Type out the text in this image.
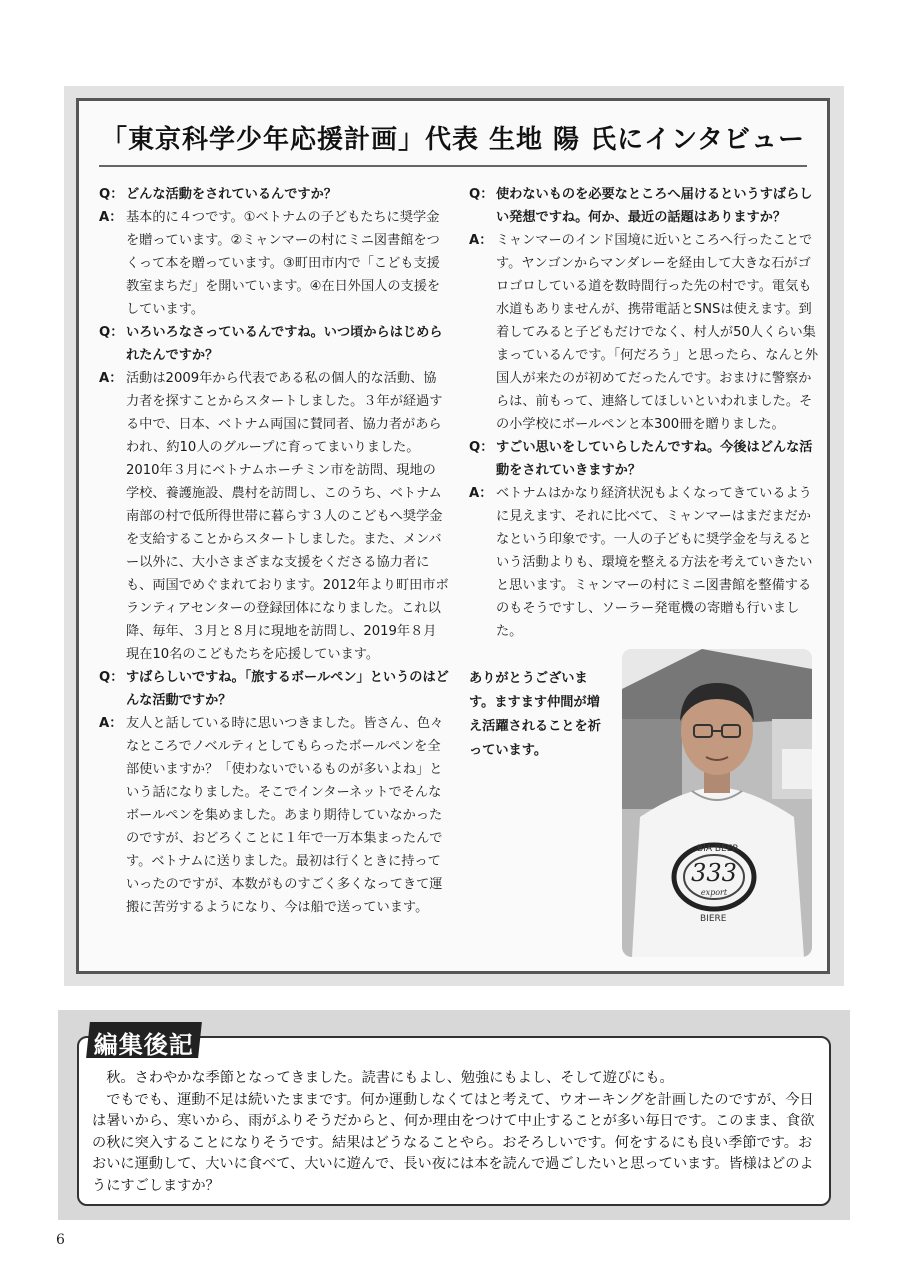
「東京科学少年応援計画」代表 生地 陽 氏にインタビュー
Q： どんな活動をされているんですか？
A： 基本的に４つです。①ベトナムの子どもたちに奨学金を贈っています。②ミャンマーの村にミニ図書館をつくって本を贈っています。③町田市内で「こども支援教室まちだ」を開いています。④在日外国人の支援をしています。
Q： いろいろなさっているんですね。いつ頃からはじめられたんですか？
A： 活動は2009年から代表である私の個人的な活動、協力者を探すことからスタートしました。３年が経過する中で、日本、ベトナム両国に賛同者、協力者があらわれ、約10人のグループに育ってまいりました。2010年３月にベトナムホーチミン市を訪問、現地の学校、養護施設、農村を訪問し、このうち、ベトナム南部の村で低所得世帯に暮らす３人のこどもへ奨学金を支給することからスタートしました。また、メンバー以外に、大小さまざまな支援をくださる協力者にも、両国でめぐまれております。2012年より町田市ボランティアセンターの登録団体になりました。これ以降、毎年、３月と８月に現地を訪問し、2019年８月現在10名のこどもたちを応援しています。
Q： すばらしいですね。「旅するボールペン」というのはどんな活動ですか？
A： 友人と話している時に思いつきました。皆さん、色々なところでノベルティとしてもらったボールペンを全部使いますか？「使わないでいるものが多いよね」という話になりました。そこでインターネットでそんなボールペンを集めました。あまり期待していなかったのですが、おどろくことに１年で一万本集まったんです。ベトナムに送りました。最初は行くときに持っていったのですが、本数がものすごく多くなってきて運搬に苦労するようになり、今は船で送っています。
Q： 使わないものを必要なところへ届けるというすばらしい発想ですね。何か、最近の話題はありますか？
A： ミャンマーのインド国境に近いところへ行ったことです。ヤンゴンからマンダレーを経由して大きな石がゴロゴロしている道を数時間行った先の村です。電気も水道もありませんが、携帯電話とSNSは使えます。到着してみると子どもだけでなく、村人が50人くらい集まっているんです。「何だろう」と思ったら、なんと外国人が来たのが初めてだったんです。おまけに警察からは、前もって、連絡してほしいといわれました。その小学校にボールペンと本300冊を贈りました。
Q： すごい思いをしていらしたんですね。今後はどんな活動をされていきますか？
A： ベトナムはかなり経済状況もよくなってきているように見えます、それに比べて、ミャンマーはまだまだかなという印象です。一人の子どもに奨学金を与えるという活動よりも、環境を整える方法を考えていきたいと思います。ミャンマーの村にミニ図書館を整備するのもそうですし、ソーラー発電機の寄贈も行いました。
ありがとうございます。ますます仲間が増え活躍されることを祈っています。
BIA BEER
333
export
BIERE
編集後記

秋。さわやかな季節となってきました。読書にもよし、勉強にもよし、そして遊びにも。

でもでも、運動不足は続いたままです。何か運動しなくてはと考えて、ウオーキングを計画したのですが、今日は暑いから、寒いから、雨がふりそうだからと、何か理由をつけて中止することが多い毎日です。このまま、食欲の秋に突入することになりそうです。結果はどうなることやら。おそろしいです。何をするにも良い季節です。おおいに運動して、大いに食べて、大いに遊んで、長い夜には本を読んで過ごしたいと思っています。皆様はどのようにすごしますか？

6
